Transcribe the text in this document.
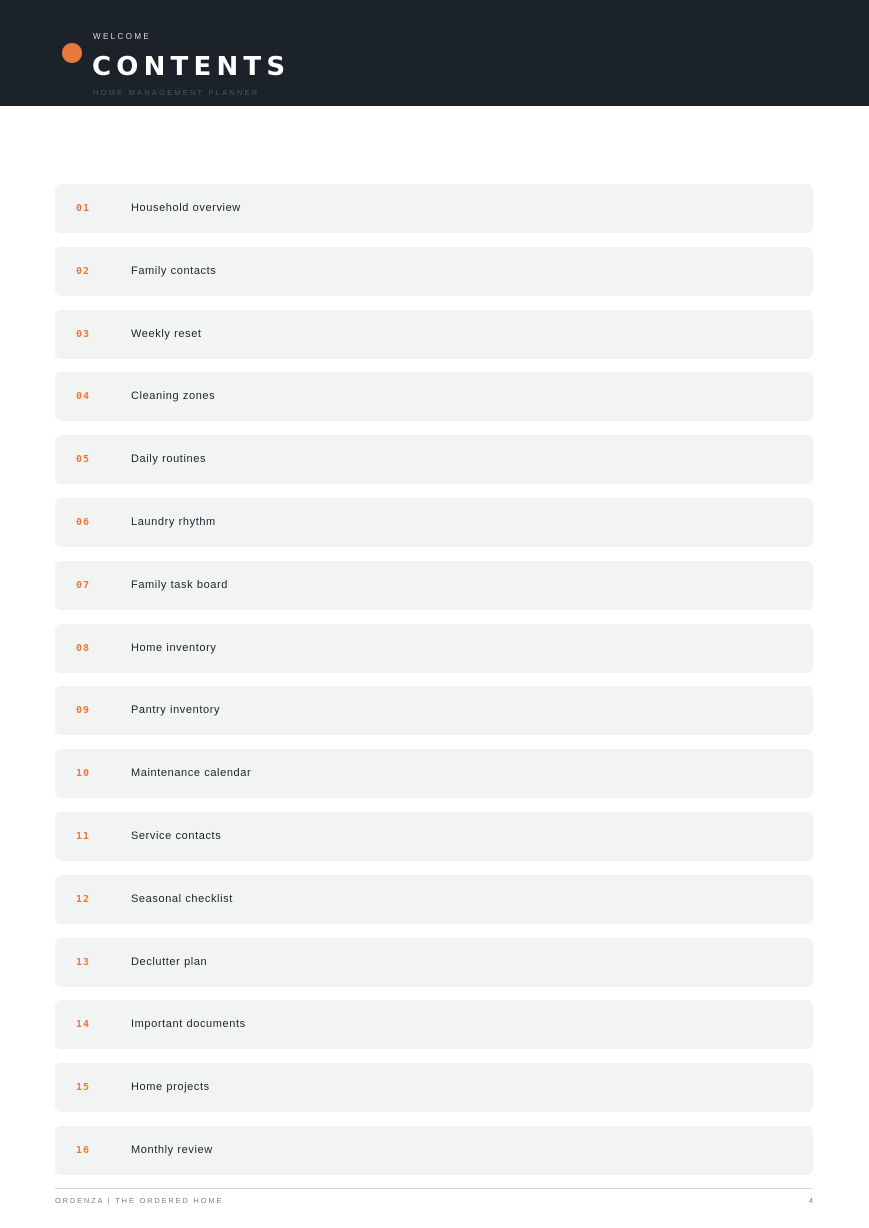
WELCOME
CONTENTS
HOME MANAGEMENT PLANNER
01	Household overview
02	Family contacts
03	Weekly reset
04	Cleaning zones
05	Daily routines
06	Laundry rhythm
07	Family task board
08	Home inventory
09	Pantry inventory
10	Maintenance calendar
11	Service contacts
12	Seasonal checklist
13	Declutter plan
14	Important documents
15	Home projects
16	Monthly review
ORDENZA | THE ORDERED HOME	4
